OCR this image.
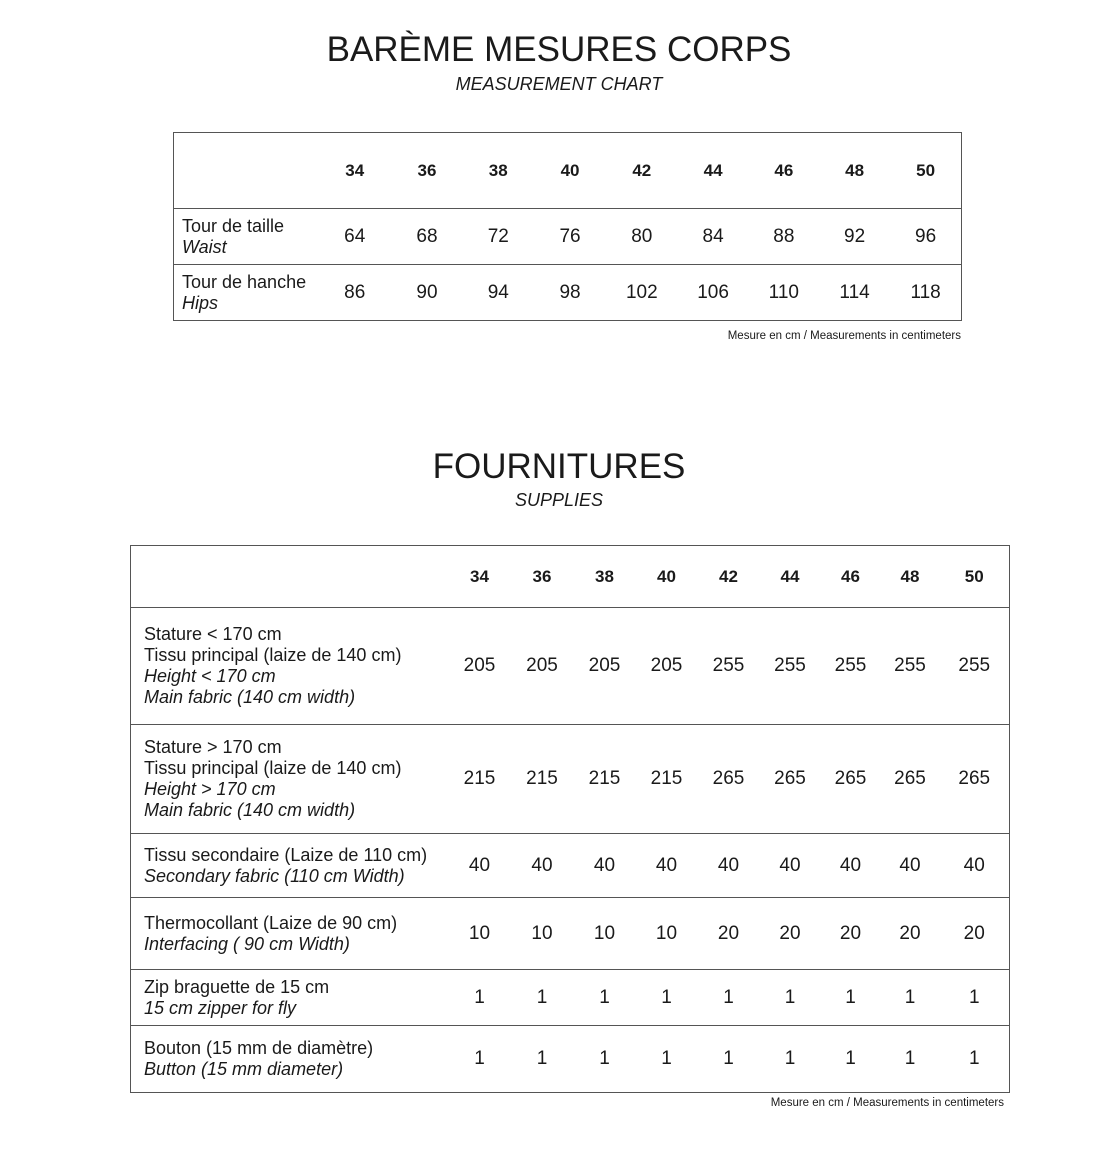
BARÈME MESURES CORPS
MEASUREMENT CHART
	34	36	38	40	42	44	46	48	50

Tour de taille
Waist	64	68	72	76	80	84	88	92	96

Tour de hanche
Hips	86	90	94	98	102	106	110	114	118
Mesure en cm / Measurements in centimeters
FOURNITURES
SUPPLIES
	34	36	38	40	42	44	46	48	50

Stature < 170 cm
Tissu principal (laize de 140 cm)
Height < 170 cm
Main fabric (140 cm width)	205	205	205	205	255	255	255	255	255

Stature > 170 cm
Tissu principal (laize de 140 cm)
Height > 170 cm
Main fabric (140 cm width)	215	215	215	215	265	265	265	265	265

Tissu secondaire (Laize de 110 cm)
Secondary fabric (110 cm Width)	40	40	40	40	40	40	40	40	40

Thermocollant (Laize de 90 cm)
Interfacing ( 90 cm Width)	10	10	10	10	20	20	20	20	20

Zip braguette de 15 cm
15 cm zipper for fly	1	1	1	1	1	1	1	1	1

Bouton (15 mm de diamètre)
Button (15 mm diameter)	1	1	1	1	1	1	1	1	1
Mesure en cm / Measurements in centimeters
